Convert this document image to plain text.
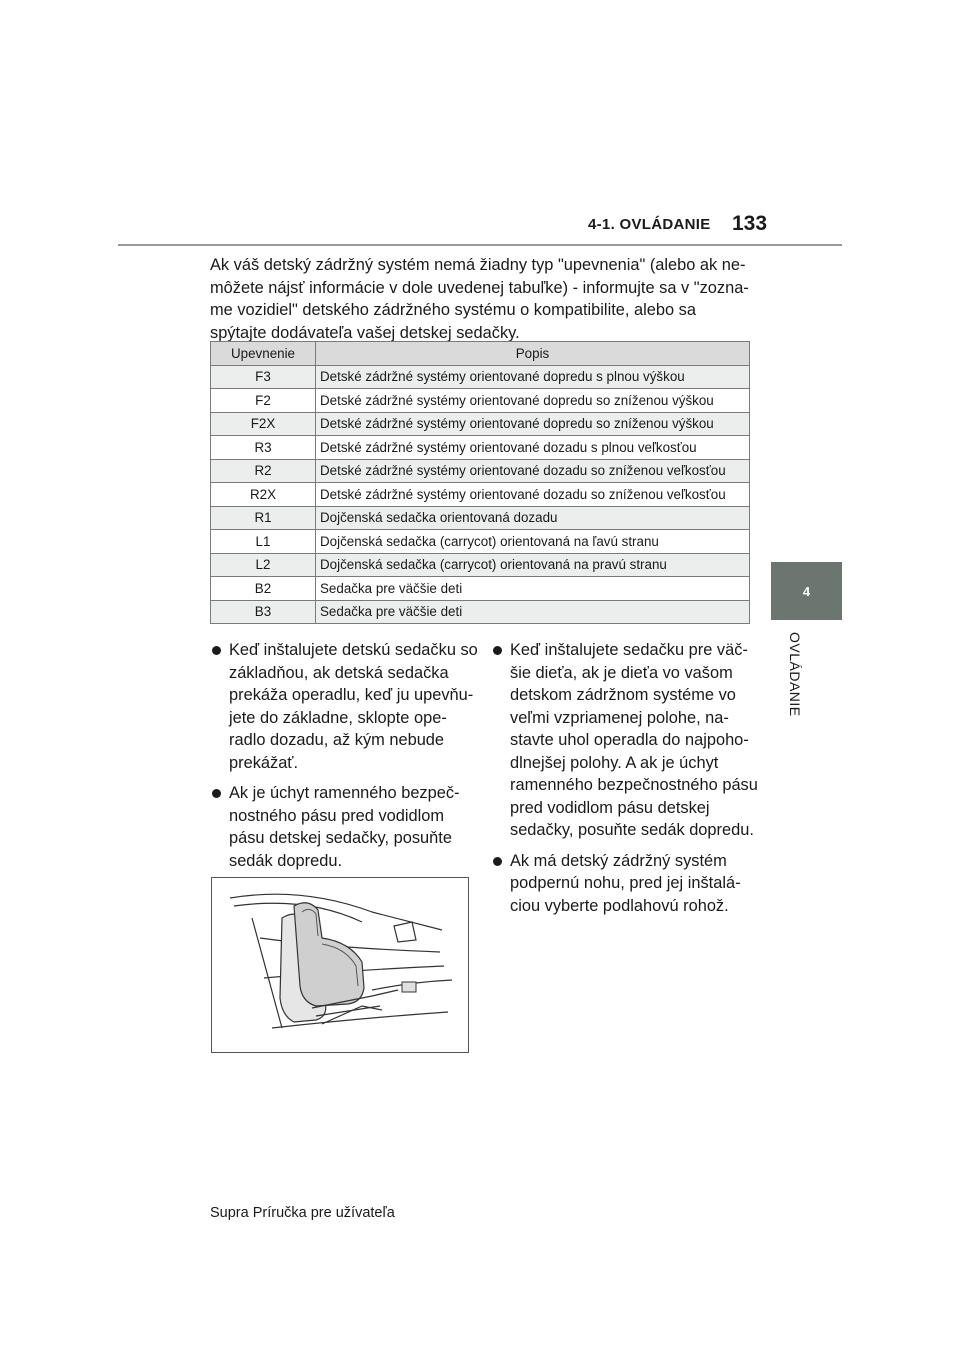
4-1. OVLÁDANIE 133
4
OVLÁDANIE
Ak váš detský zádržný systém nemá žiadny typ "upevnenia" (alebo ak ne-môžete nájsť informácie v dole uvedenej tabuľke) - informujte sa v "zozna-me vozidiel" detského zádržného systému o kompatibilite, alebo sa spýtajte dodávateľa vašej detskej sedačky.
Upevnenie	Popis
F3	Detské zádržné systémy orientované dopredu s plnou výškou
F2	Detské zádržné systémy orientované dopredu so zníženou výškou
F2X	Detské zádržné systémy orientované dopredu so zníženou výškou
R3	Detské zádržné systémy orientované dozadu s plnou veľkosťou
R2	Detské zádržné systémy orientované dozadu so zníženou veľkosťou
R2X	Detské zádržné systémy orientované dozadu so zníženou veľkosťou
R1	Dojčenská sedačka orientovaná dozadu
L1	Dojčenská sedačka (carrycot) orientovaná na ľavú stranu
L2	Dojčenská sedačka (carrycot) orientovaná na pravú stranu
B2	Sedačka pre väčšie deti
B3	Sedačka pre väčšie deti
Keď inštalujete detskú sedačku so základňou, ak detská sedačka prekáža operadlu, keď ju upevňu-jete do základne, sklopte ope-radlo dozadu, až kým nebude prekážať.
Ak je úchyt ramenného bezpeč-nostného pásu pred vodidlom pásu detskej sedačky, posuňte sedák dopredu.
Keď inštalujete sedačku pre väč-šie dieťa, ak je dieťa vo vašom detskom zádržnom systéme vo veľmi vzpriamenej polohe, na-stavte uhol operadla do najpoho-dlnejšej polohy. A ak je úchyt ramenného bezpečnostného pásu pred vodidlom pásu detskej sedačky, posuňte sedák dopredu.
Ak má detský zádržný systém podpernú nohu, pred jej inštalá-ciou vyberte podlahovú rohož.
Supra Príručka pre užívateľa
